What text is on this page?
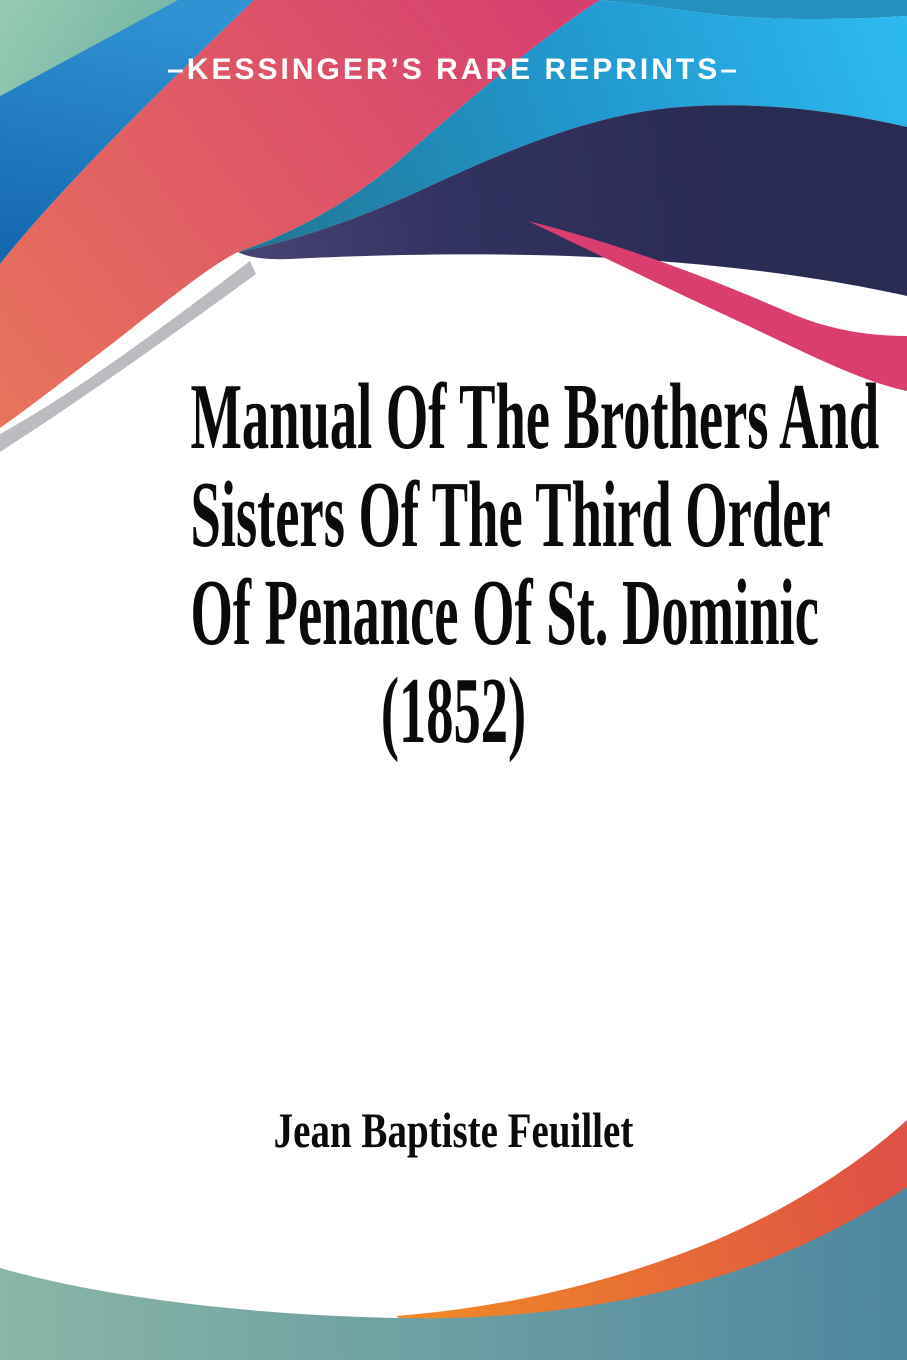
–KESSINGER’S RARE REPRINTS–
Manual Of The Brothers And
Sisters Of The Third Order
Of Penance Of St. Dominic
(1852)
Jean Baptiste Feuillet
